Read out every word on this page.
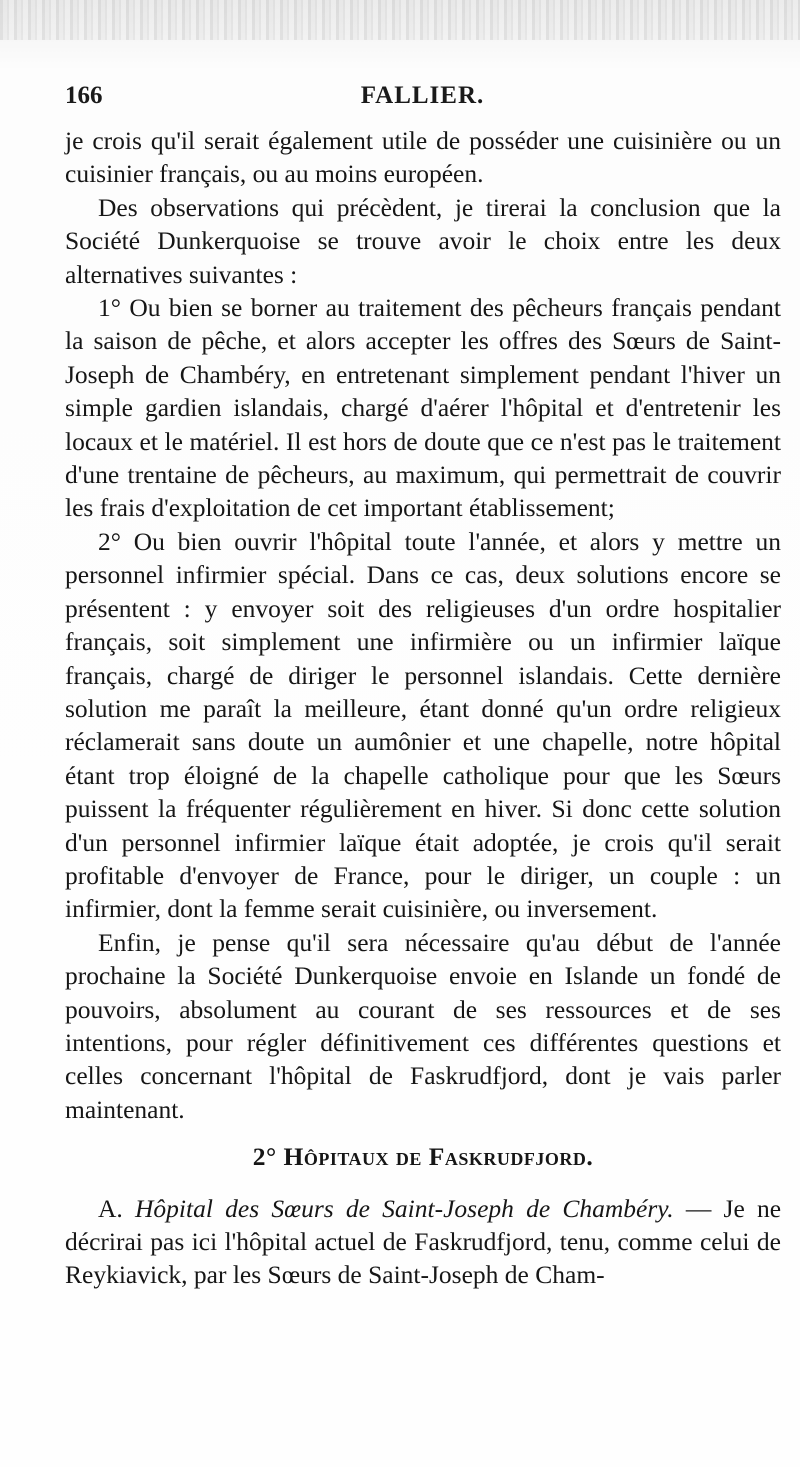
166	FALLIER.

je crois qu'il serait également utile de posséder une cuisinière ou un cuisinier français, ou au moins européen.

Des observations qui précèdent, je tirerai la conclusion que la Société Dunkerquoise se trouve avoir le choix entre les deux alternatives suivantes :

1° Ou bien se borner au traitement des pêcheurs français pendant la saison de pêche, et alors accepter les offres des Sœurs de Saint-Joseph de Chambéry, en entretenant simplement pendant l'hiver un simple gardien islandais, chargé d'aérer l'hôpital et d'entretenir les locaux et le matériel. Il est hors de doute que ce n'est pas le traitement d'une trentaine de pêcheurs, au maximum, qui permettrait de couvrir les frais d'exploitation de cet important établissement;

2° Ou bien ouvrir l'hôpital toute l'année, et alors y mettre un personnel infirmier spécial. Dans ce cas, deux solutions encore se présentent : y envoyer soit des religieuses d'un ordre hospitalier français, soit simplement une infirmière ou un infirmier laïque français, chargé de diriger le personnel islandais. Cette dernière solution me paraît la meilleure, étant donné qu'un ordre religieux réclamerait sans doute un aumônier et une chapelle, notre hôpital étant trop éloigné de la chapelle catholique pour que les Sœurs puissent la fréquenter régulièrement en hiver. Si donc cette solution d'un personnel infirmier laïque était adoptée, je crois qu'il serait profitable d'envoyer de France, pour le diriger, un couple : un infirmier, dont la femme serait cuisinière, ou inversement.

Enfin, je pense qu'il sera nécessaire qu'au début de l'année prochaine la Société Dunkerquoise envoie en Islande un fondé de pouvoirs, absolument au courant de ses ressources et de ses intentions, pour régler définitivement ces différentes questions et celles concernant l'hôpital de Faskrudfjord, dont je vais parler maintenant.

2° Hôpitaux de Faskrudfjord.

A. Hôpital des Sœurs de Saint-Joseph de Chambéry. — Je ne décrirai pas ici l'hôpital actuel de Faskrudfjord, tenu, comme celui de Reykiavick, par les Sœurs de Saint-Joseph de Cham-
